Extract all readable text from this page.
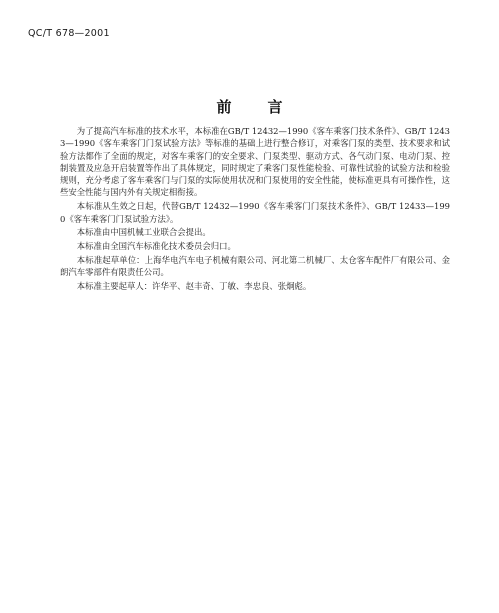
QC/T 678—2001
前 言

为了提高汽车标准的技术水平，本标准在GB/T 12432—1990《客车乘客门技术条件》、GB/T 12433—1990《客车乘客门门泵试验方法》等标准的基础上进行整合修订，对乘客门泵的类型、技术要求和试验方法都作了全面的规定，对客车乘客门的安全要求、门泵类型、驱动方式、各气动门泵、电动门泵、控制装置及应急开启装置等作出了具体规定，同时规定了乘客门泵性能检验、可靠性试验的试验方法和检验规则，充分考虑了客车乘客门与门泵的实际使用状况和门泵使用的安全性能，使标准更具有可操作性，这些安全性能与国内外有关规定相衔接。

本标准从生效之日起，代替GB/T 12432—1990《客车乘客门门泵技术条件》、GB/T 12433—1990《客车乘客门门泵试验方法》。

本标准由中国机械工业联合会提出。

本标准由全国汽车标准化技术委员会归口。

本标准起草单位：上海华电汽车电子机械有限公司、河北第二机械厂、太仓客车配件厂有限公司、金朗汽车零部件有限责任公司。

本标准主要起草人：许华平、赵丰奇、丁敏、李忠良、张炯彪。
